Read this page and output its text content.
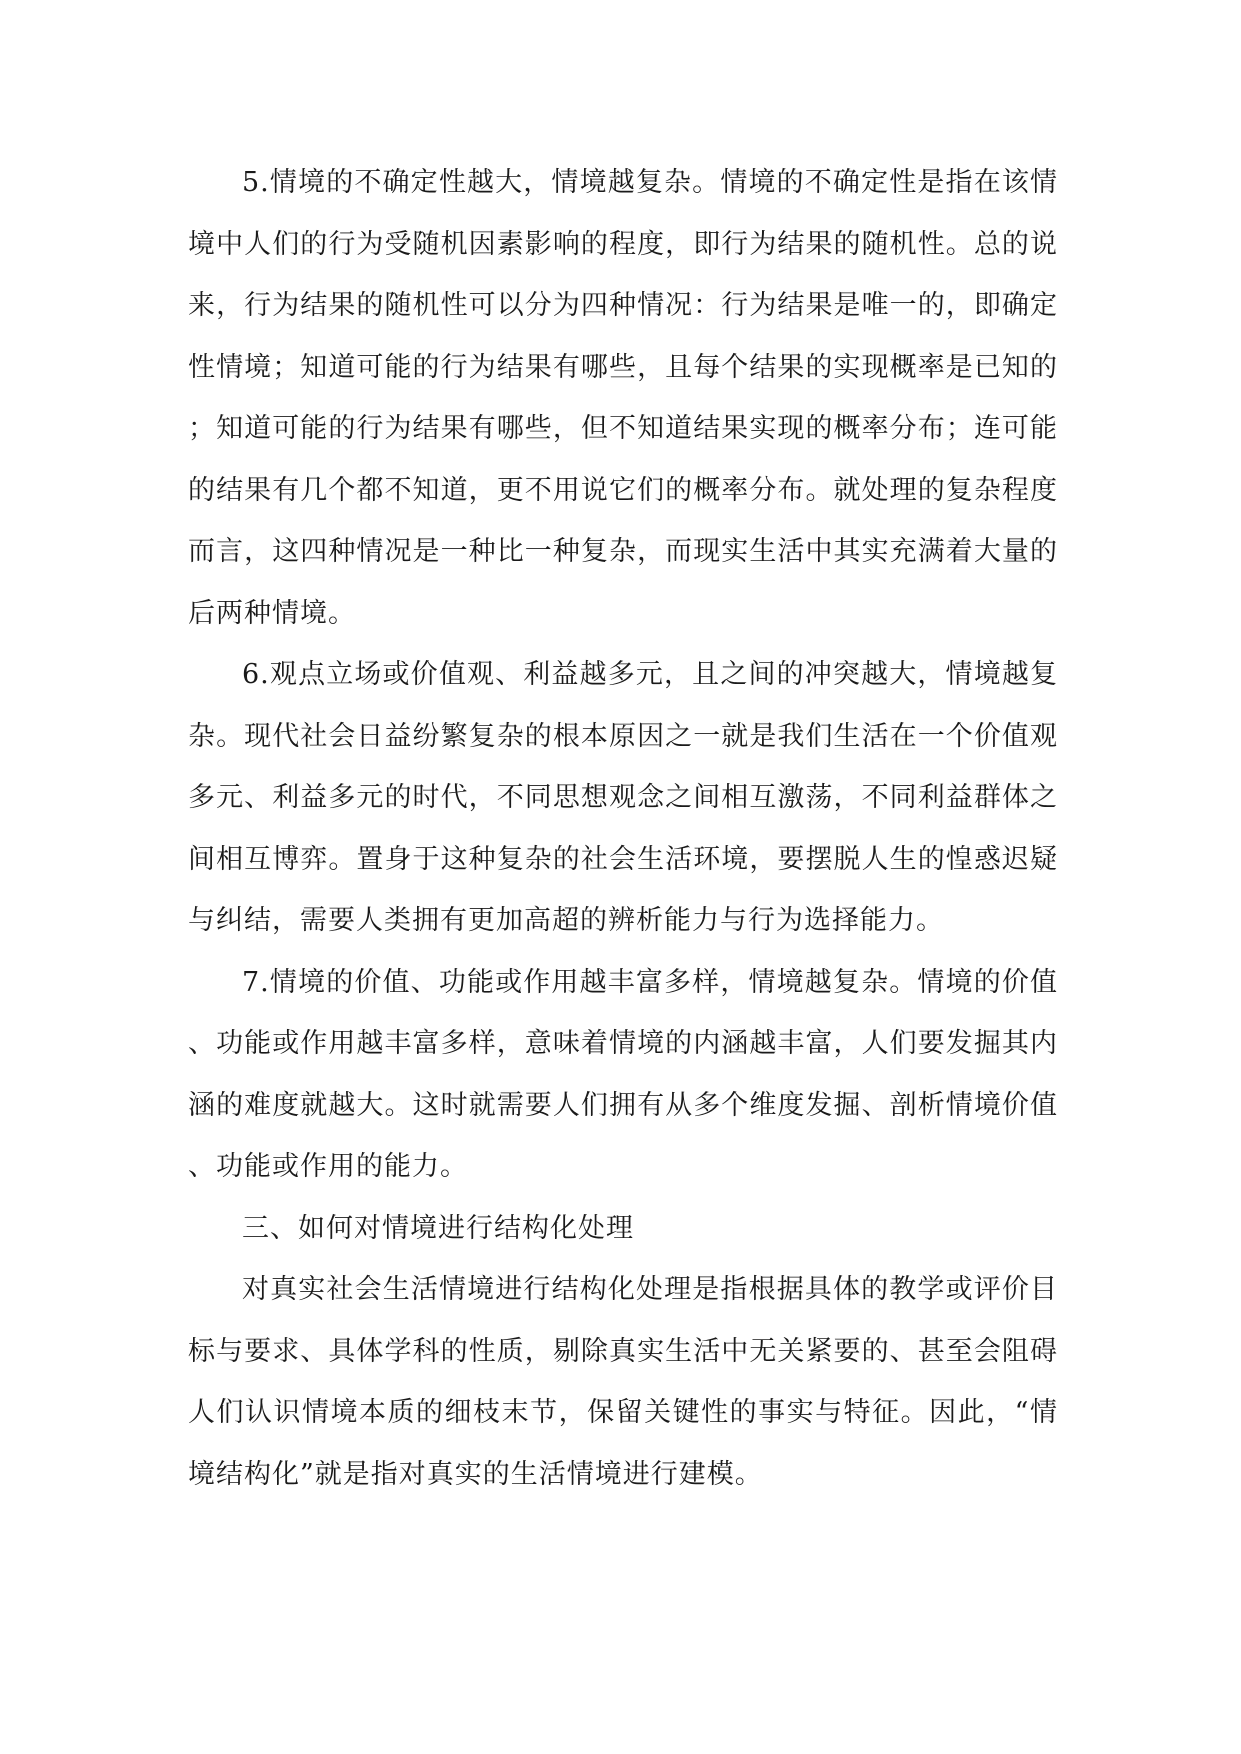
5.情境的不确定性越大，情境越复杂。情境的不确定性是指在该情境中人们的行为受随机因素影响的程度，即行为结果的随机性。总的说来，行为结果的随机性可以分为四种情况：行为结果是唯一的，即确定性情境；知道可能的行为结果有哪些，且每个结果的实现概率是已知的；知道可能的行为结果有哪些，但不知道结果实现的概率分布；连可能的结果有几个都不知道，更不用说它们的概率分布。就处理的复杂程度而言，这四种情况是一种比一种复杂，而现实生活中其实充满着大量的后两种情境。

6.观点立场或价值观、利益越多元，且之间的冲突越大，情境越复杂。现代社会日益纷繁复杂的根本原因之一就是我们生活在一个价值观多元、利益多元的时代，不同思想观念之间相互激荡，不同利益群体之间相互博弈。置身于这种复杂的社会生活环境，要摆脱人生的惶惑迟疑与纠结，需要人类拥有更加高超的辨析能力与行为选择能力。

7.情境的价值、功能或作用越丰富多样，情境越复杂。情境的价值、功能或作用越丰富多样，意味着情境的内涵越丰富，人们要发掘其内涵的难度就越大。这时就需要人们拥有从多个维度发掘、剖析情境价值、功能或作用的能力。

三、如何对情境进行结构化处理

对真实社会生活情境进行结构化处理是指根据具体的教学或评价目标与要求、具体学科的性质，剔除真实生活中无关紧要的、甚至会阻碍人们认识情境本质的细枝末节，保留关键性的事实与特征。因此，“情境结构化”就是指对真实的生活情境进行建模。
